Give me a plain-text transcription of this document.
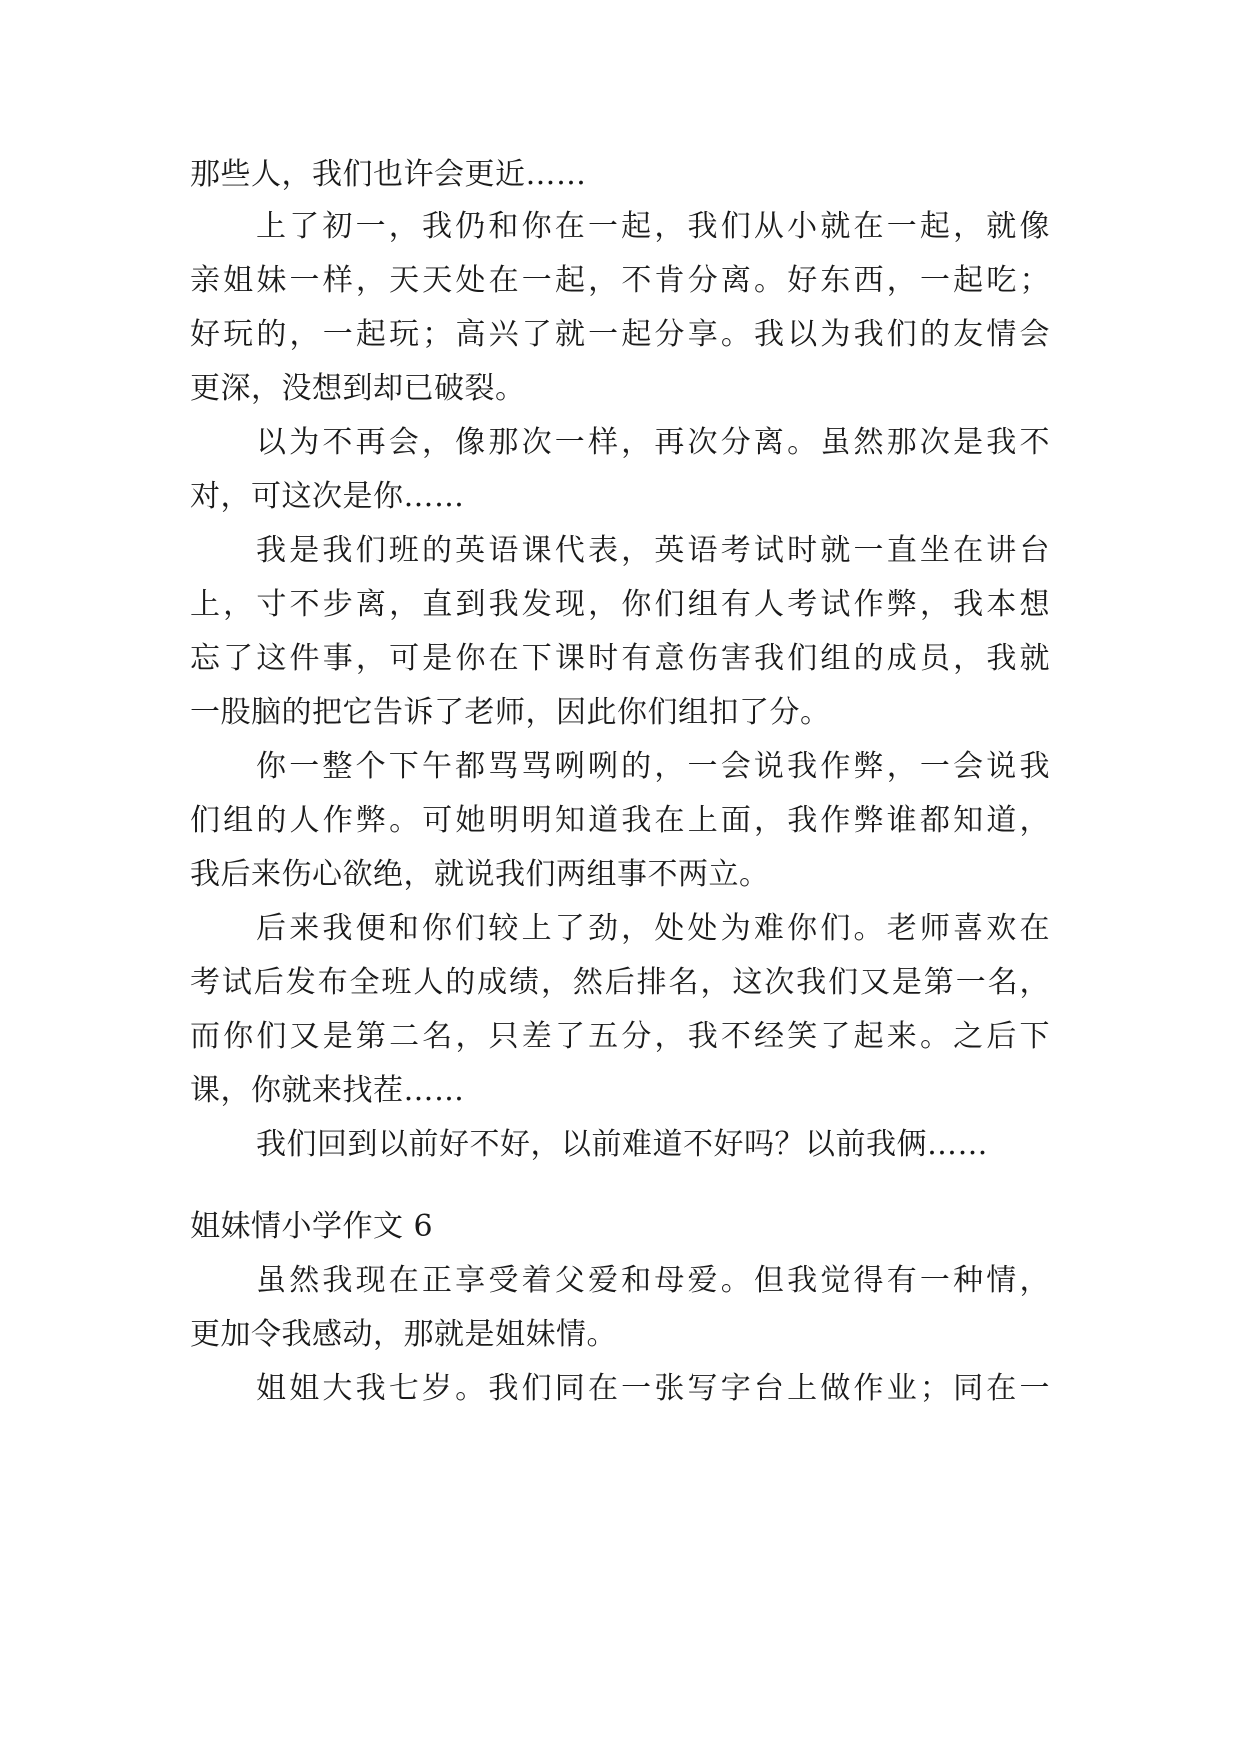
那些人，我们也许会更近……
上了初一，我仍和你在一起，我们从小就在一起，就像
亲姐妹一样，天天处在一起，不肯分离。好东西，一起吃；
好玩的，一起玩；高兴了就一起分享。我以为我们的友情会
更深，没想到却已破裂。
以为不再会，像那次一样，再次分离。虽然那次是我不
对，可这次是你……
我是我们班的英语课代表，英语考试时就一直坐在讲台
上，寸不步离，直到我发现，你们组有人考试作弊，我本想
忘了这件事，可是你在下课时有意伤害我们组的成员，我就
一股脑的把它告诉了老师，因此你们组扣了分。
你一整个下午都骂骂咧咧的，一会说我作弊，一会说我
们组的人作弊。可她明明知道我在上面，我作弊谁都知道，
我后来伤心欲绝，就说我们两组事不两立。
后来我便和你们较上了劲，处处为难你们。老师喜欢在
考试后发布全班人的成绩，然后排名，这次我们又是第一名，
而你们又是第二名，只差了五分，我不经笑了起来。之后下
课，你就来找茬……
我们回到以前好不好，以前难道不好吗？以前我俩……
姐妹情小学作文 6
虽然我现在正享受着父爱和母爱。但我觉得有一种情，
更加令我感动，那就是姐妹情。
姐姐大我七岁。我们同在一张写字台上做作业；同在一
